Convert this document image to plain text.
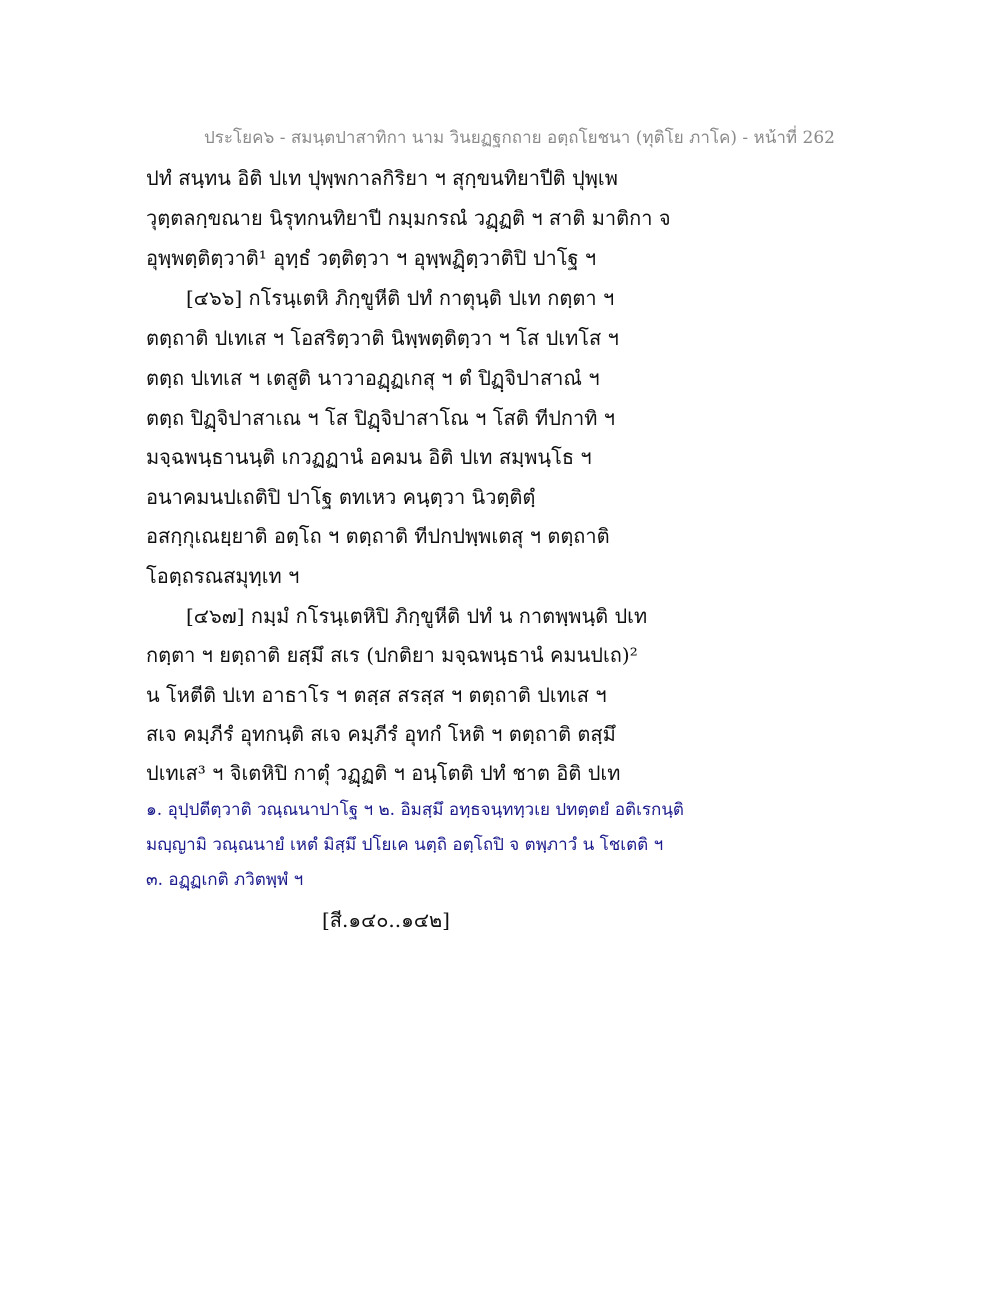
ประโยค๖ - สมนฺตปาสาทิกา นาม วินยฏฐกถาย อตฺถโยชนา (ทุติโย ภาโค) - หน้าที่ 262
ปทํ สนฺทน อิติ ปเท ปุพฺพกาลกิริยา ฯ สุกฺขนทิยาปีติ ปุพฺเพ
วุตฺตลกฺขณาย นิรุทกนทิยาปี กมฺมกรณํ วฏฺฏติ ฯ สาติ มาติกา จ
อุพฺพตฺติตฺวาติ¹ อุทฺธํ วตฺติตฺวา ฯ อุพฺพฏฺิตฺวาติปิ ปาโฐ ฯ
[๔๖๖] กโรนฺเตหิ ภิกฺขูหีติ ปทํ กาตุนฺติ ปเท กตฺตา ฯ
ตตฺถาติ ปเทเส ฯ โอสริตฺวาติ นิพฺพตฺติตฺวา ฯ โส ปเทโส ฯ
ตตฺถ ปเทเส ฯ เตสูติ นาวาอฏฺฏเกสุ ฯ ตํ ปิฏฺจิปาสาณํ ฯ
ตตฺถ ปิฏฺจิปาสาเณ ฯ โส ปิฏฺจิปาสาโณ ฯ โสติ ทีปกาทิ ฯ
มจฺฉพนฺธานนฺติ เกวฏฏานํ อคมน อิติ ปเท สมฺพนฺโธ ฯ
อนาคมนปเถติปิ ปาโฐ ตทเหว คนฺตฺวา นิวตฺติตฺํ
อสกฺกุเณยฺยาติ อตฺโถ ฯ ตตฺถาติ ทีปกปพฺพเตสุ ฯ ตตฺถาติ
โอตฺถรณสมุทฺเท ฯ
[๔๖๗] กมฺมํ กโรนฺเตหิปิ ภิกฺขูหีติ ปทํ น กาตพฺพนฺติ ปเท
กตฺตา ฯ ยตฺถาติ ยสฺมึ สเร (ปกติยา มจฺฉพนฺธานํ คมนปเถ)²
น โหตีติ ปเท อาธาโร ฯ ตสฺส สรสฺส ฯ ตตฺถาติ ปเทเส ฯ
สเจ คมฺภีรํ อุทกนฺติ สเจ คมฺภีรํ อุทกํ โหติ ฯ ตตฺถาติ ตสฺมึ
ปเทเส³ ฯ จิเตหิปิ กาตุํ วฏฺฏติ ฯ อนฺโตติ ปทํ ชาต อิติ ปเท
๑. อุปฺปตีตฺวาติ วณฺณนาปาโฐ ฯ ๒. อิมสฺมึ อทฺธจนฺททฺวเย ปทตฺตยํ อติเรกนฺติ
มญฺญามิ วณฺณนายํ เหตํ มิสฺมึ ปโยเค นตฺถิ อตฺโถปิ จ ตพฺภาวํ น โชเตติ ฯ
๓. อฏฺฏเกติ ภวิตพฺพํ ฯ
[สี.๑๔๐..๑๔๒]
